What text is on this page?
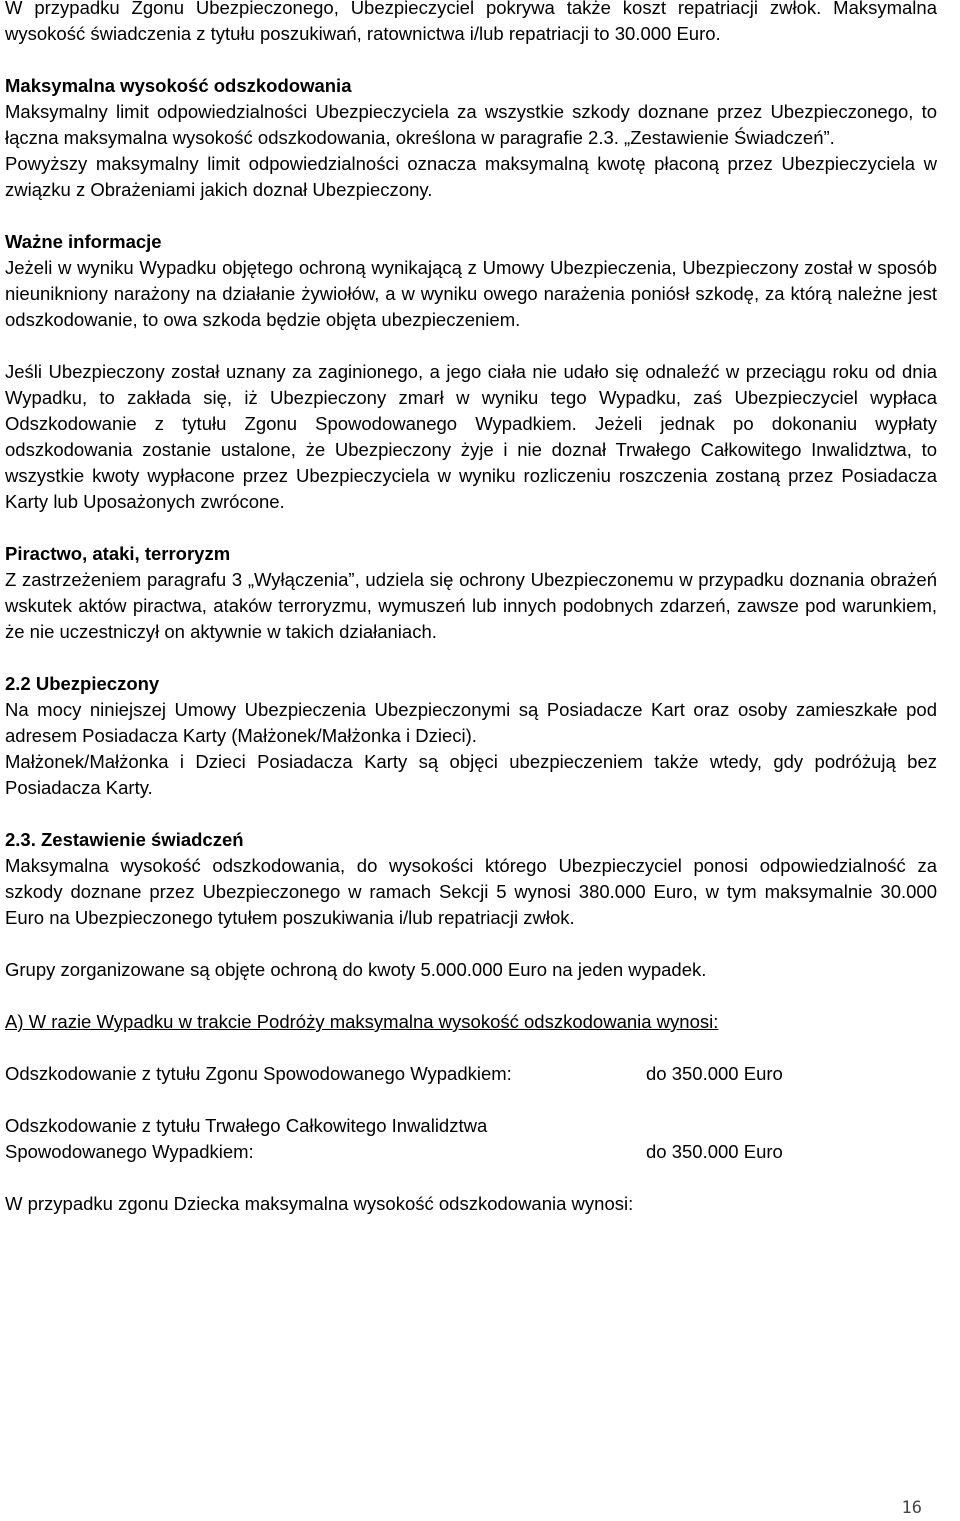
W przypadku Zgonu Ubezpieczonego, Ubezpieczyciel pokrywa także koszt repatriacji zwłok. Maksymalna wysokość świadczenia z tytułu poszukiwań, ratownictwa i/lub repatriacji to 30.000 Euro.

Maksymalna wysokość odszkodowania

Maksymalny limit odpowiedzialności Ubezpieczyciela za wszystkie szkody doznane przez Ubezpieczonego, to łączna maksymalna wysokość odszkodowania, określona w paragrafie 2.3. „Zestawienie Świadczeń”.

Powyższy maksymalny limit odpowiedzialności oznacza maksymalną kwotę płaconą przez Ubezpieczyciela w związku z Obrażeniami jakich doznał Ubezpieczony.

Ważne informacje

Jeżeli w wyniku Wypadku objętego ochroną wynikającą z Umowy Ubezpieczenia, Ubezpieczony został w sposób nieunikniony narażony na działanie żywiołów, a w wyniku owego narażenia poniósł szkodę, za którą należne jest odszkodowanie, to owa szkoda będzie objęta ubezpieczeniem.

Jeśli Ubezpieczony został uznany za zaginionego, a jego ciała nie udało się odnaleźć w przeciągu roku od dnia Wypadku, to zakłada się, iż Ubezpieczony zmarł w wyniku tego Wypadku, zaś Ubezpieczyciel wypłaca Odszkodowanie z tytułu Zgonu Spowodowanego Wypadkiem. Jeżeli jednak po dokonaniu wypłaty odszkodowania zostanie ustalone, że Ubezpieczony żyje i nie doznał Trwałego Całkowitego Inwalidztwa, to wszystkie kwoty wypłacone przez Ubezpieczyciela w wyniku rozliczeniu roszczenia zostaną przez Posiadacza Karty lub Uposażonych zwrócone.

Piractwo, ataki, terroryzm

Z zastrzeżeniem paragrafu 3 „Wyłączenia”, udziela się ochrony Ubezpieczonemu w przypadku doznania obrażeń wskutek aktów piractwa, ataków terroryzmu, wymuszeń lub innych podobnych zdarzeń, zawsze pod warunkiem, że nie uczestniczył on aktywnie w takich działaniach.

2.2 Ubezpieczony

Na mocy niniejszej Umowy Ubezpieczenia Ubezpieczonymi są Posiadacze Kart oraz osoby zamieszkałe pod adresem Posiadacza Karty (Małżonek/Małżonka i Dzieci).

Małżonek/Małżonka i Dzieci Posiadacza Karty są objęci ubezpieczeniem także wtedy, gdy podróżują bez Posiadacza Karty.

2.3. Zestawienie świadczeń

Maksymalna wysokość odszkodowania, do wysokości którego Ubezpieczyciel ponosi odpowiedzialność za szkody doznane przez Ubezpieczonego w ramach Sekcji 5 wynosi 380.000 Euro, w tym maksymalnie 30.000 Euro na Ubezpieczonego tytułem poszukiwania i/lub repatriacji zwłok.

Grupy zorganizowane są objęte ochroną do kwoty 5.000.000 Euro na jeden wypadek.

A) W razie Wypadku w trakcie Podróży maksymalna wysokość odszkodowania wynosi:

Odszkodowanie z tytułu Zgonu Spowodowanego Wypadkiem:	do 350.000 Euro
Odszkodowanie z tytułu Trwałego Całkowitego Inwalidztwa
Spowodowanego Wypadkiem:	do 350.000 Euro

W przypadku zgonu Dziecka maksymalna wysokość odszkodowania wynosi:

16
